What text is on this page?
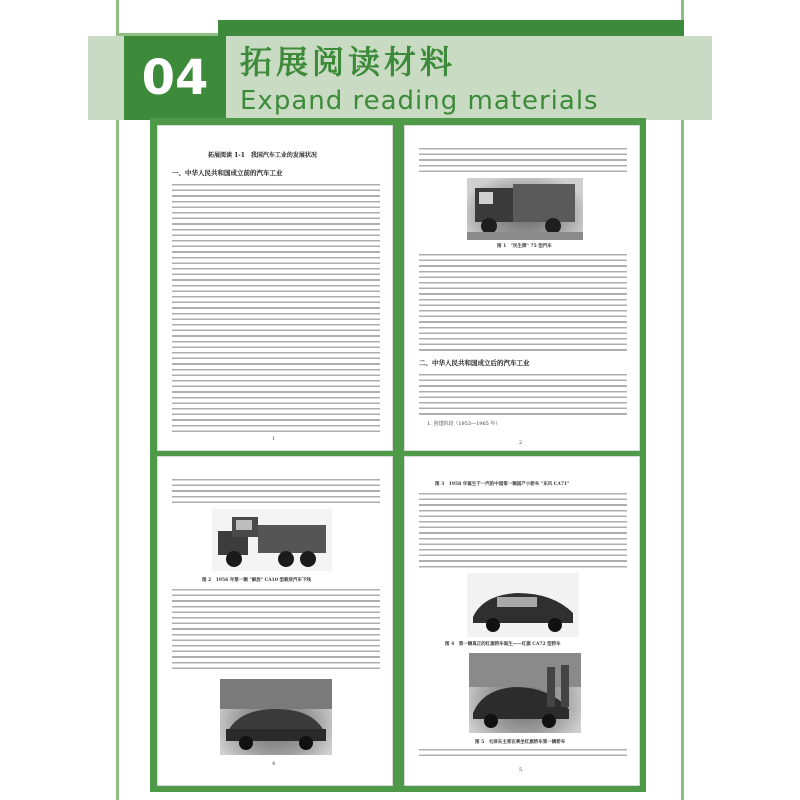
04 拓展阅读材料
Expand reading materials
拓展阅读 1-1　我国汽车工业的发展状况
一、中华人民共和国成立前的汽车工业
1
图 1　"民生牌" 75 型汽车
二、中华人民共和国成立后的汽车工业
1. 创建阶段（1953—1965 年）
2
图 2　1956 年第一辆 "解放" CA10 型载货汽车下线
4
图 3　1958 年诞生于一汽的中国第一辆国产小轿车 "东风 CA71"
图 4　第一辆真正的红旗轿车诞生——红旗 CA72 型轿车
图 5　毛泽东主席在乘坐红旗轿车第一辆轿车
5
